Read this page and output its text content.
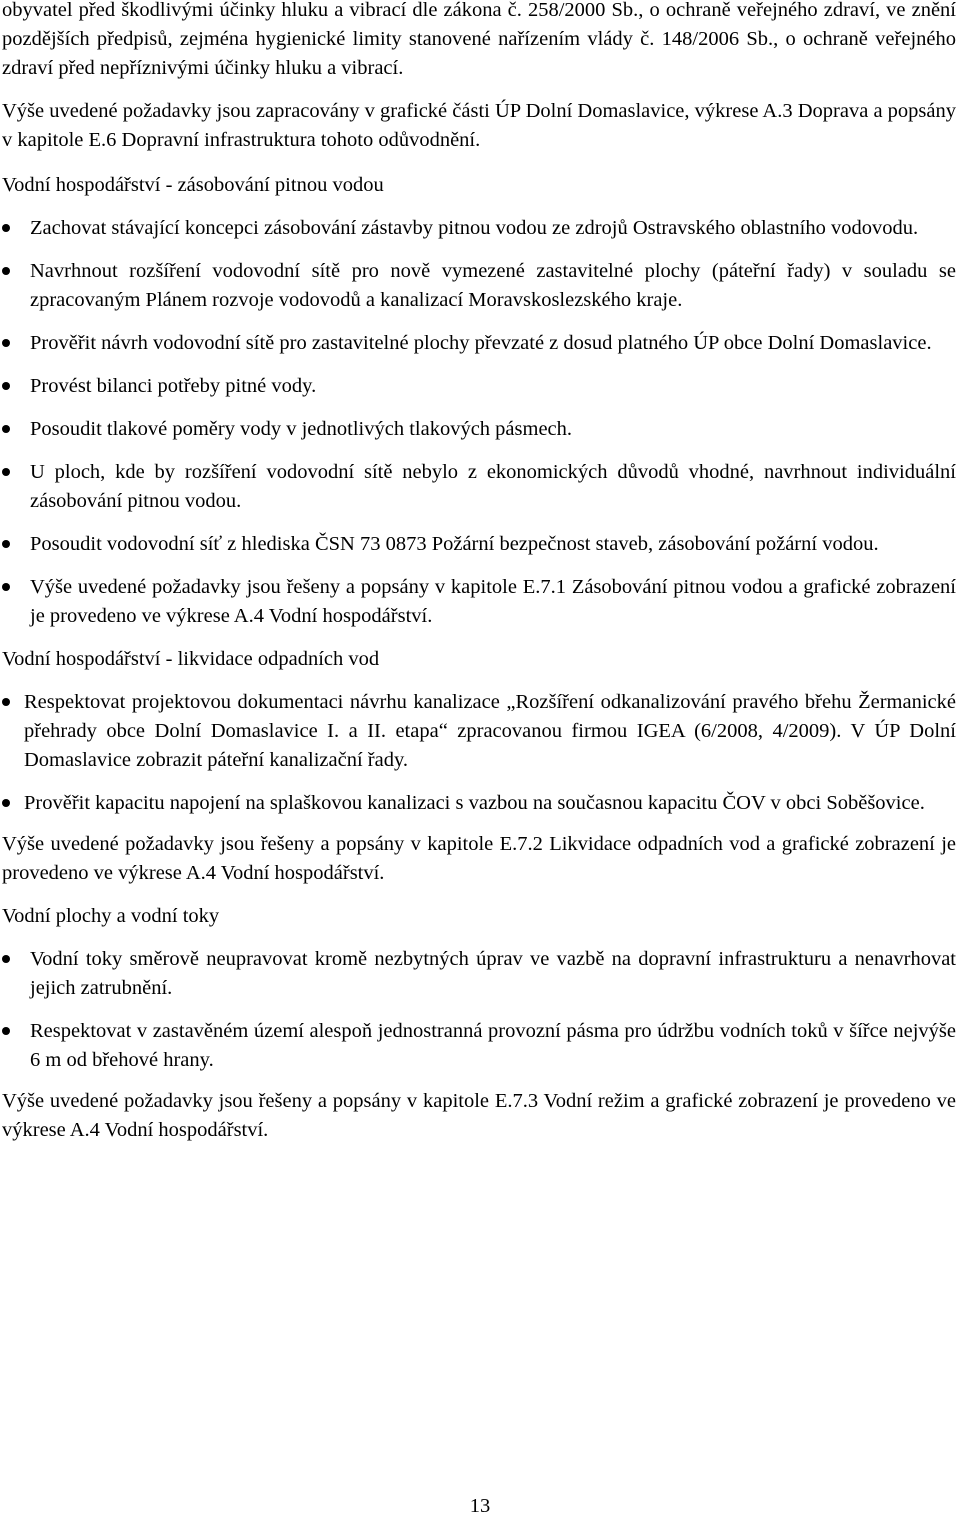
obyvatel před škodlivými účinky hluku a vibrací dle zákona č. 258/2000 Sb., o ochraně veřejného zdraví, ve znění pozdějších předpisů, zejména hygienické limity stanovené nařízením vlády č. 148/2006 Sb., o ochraně veřejného zdraví před nepříznivými účinky hluku a vibrací.

Výše uvedené požadavky jsou zapracovány v grafické části ÚP Dolní Domaslavice, výkrese A.3 Doprava a popsány v kapitole E.6 Dopravní infrastruktura tohoto odůvodnění.

Vodní hospodářství - zásobování pitnou vodou

Zachovat stávající koncepci zásobování zástavby pitnou vodou ze zdrojů Ostravského oblastního vodovodu.
Navrhnout rozšíření vodovodní sítě pro nově vymezené zastavitelné plochy (páteřní řady) v souladu se zpracovaným Plánem rozvoje vodovodů a kanalizací Moravskoslezského kraje.
Prověřit návrh vodovodní sítě pro zastavitelné plochy převzaté z dosud platného ÚP obce Dolní Domaslavice.
Provést bilanci potřeby pitné vody.
Posoudit tlakové poměry vody v jednotlivých tlakových pásmech.
U ploch, kde by rozšíření vodovodní sítě nebylo z ekonomických důvodů vhodné, navrhnout individuální zásobování pitnou vodou.
Posoudit vodovodní síť z hlediska ČSN 73 0873 Požární bezpečnost staveb, zásobování požární vodou.
Výše uvedené požadavky jsou řešeny a popsány v kapitole E.7.1 Zásobování pitnou vodou a grafické zobrazení je provedeno ve výkrese A.4 Vodní hospodářství.

Vodní hospodářství - likvidace odpadních vod

Respektovat projektovou dokumentaci návrhu kanalizace „Rozšíření odkanalizování pravého břehu Žermanické přehrady obce Dolní Domaslavice I. a II. etapa“ zpracovanou firmou IGEA (6/2008, 4/2009). V ÚP Dolní Domaslavice zobrazit páteřní kanalizační řady.
Prověřit kapacitu napojení na splaškovou kanalizaci s vazbou na současnou kapacitu ČOV v obci Soběšovice.

Výše uvedené požadavky jsou řešeny a popsány v kapitole E.7.2 Likvidace odpadních vod a grafické zobrazení je provedeno ve výkrese A.4 Vodní hospodářství.

Vodní plochy a vodní toky

Vodní toky směrově neupravovat kromě nezbytných úprav ve vazbě na dopravní infrastrukturu a nenavrhovat jejich zatrubnění.
Respektovat v zastavěném území alespoň jednostranná provozní pásma pro údržbu vodních toků v šířce nejvýše 6 m od břehové hrany.

Výše uvedené požadavky jsou řešeny a popsány v kapitole E.7.3 Vodní režim a grafické zobrazení je provedeno ve výkrese A.4 Vodní hospodářství.

13
